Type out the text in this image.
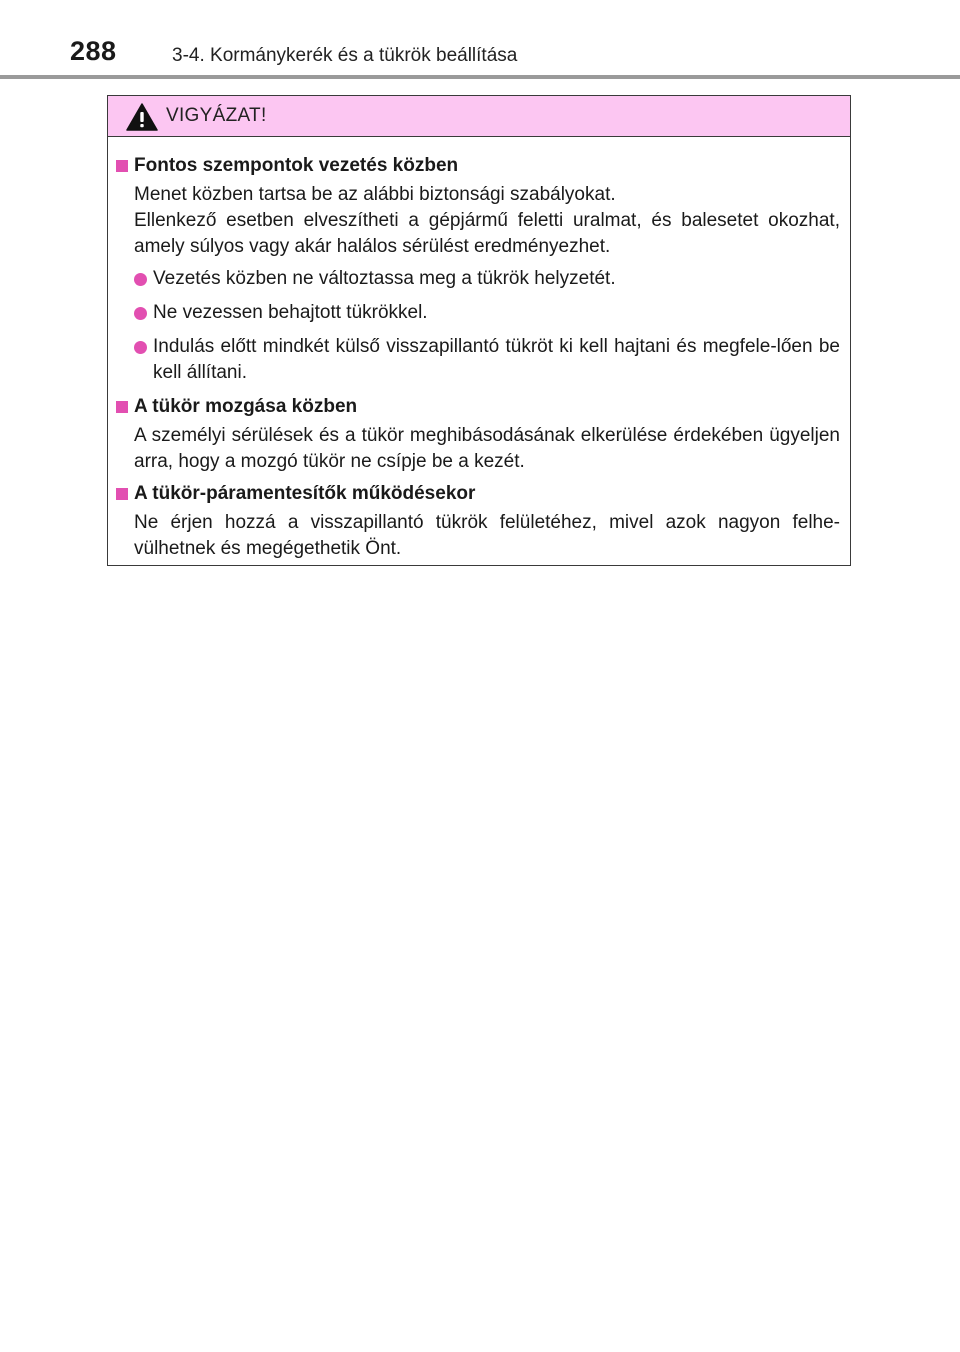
288	3-4. Kormánykerék és a tükrök beállítása
VIGYÁZAT!
Fontos szempontok vezetés közben
Menet közben tartsa be az alábbi biztonsági szabályokat.
Ellenkező esetben elveszítheti a gépjármű feletti uralmat, és balesetet okozhat, amely súlyos vagy akár halálos sérülést eredményezhet.
Vezetés közben ne változtassa meg a tükrök helyzetét.
Ne vezessen behajtott tükrökkel.
Indulás előtt mindkét külső visszapillantó tükröt ki kell hajtani és megfele-lően be kell állítani.
A tükör mozgása közben
A személyi sérülések és a tükör meghibásodásának elkerülése érdekében ügyeljen arra, hogy a mozgó tükör ne csípje be a kezét.
A tükör-páramentesítők működésekor
Ne érjen hozzá a visszapillantó tükrök felületéhez, mivel azok nagyon felhe-vülhetnek és megégethetik Önt.
